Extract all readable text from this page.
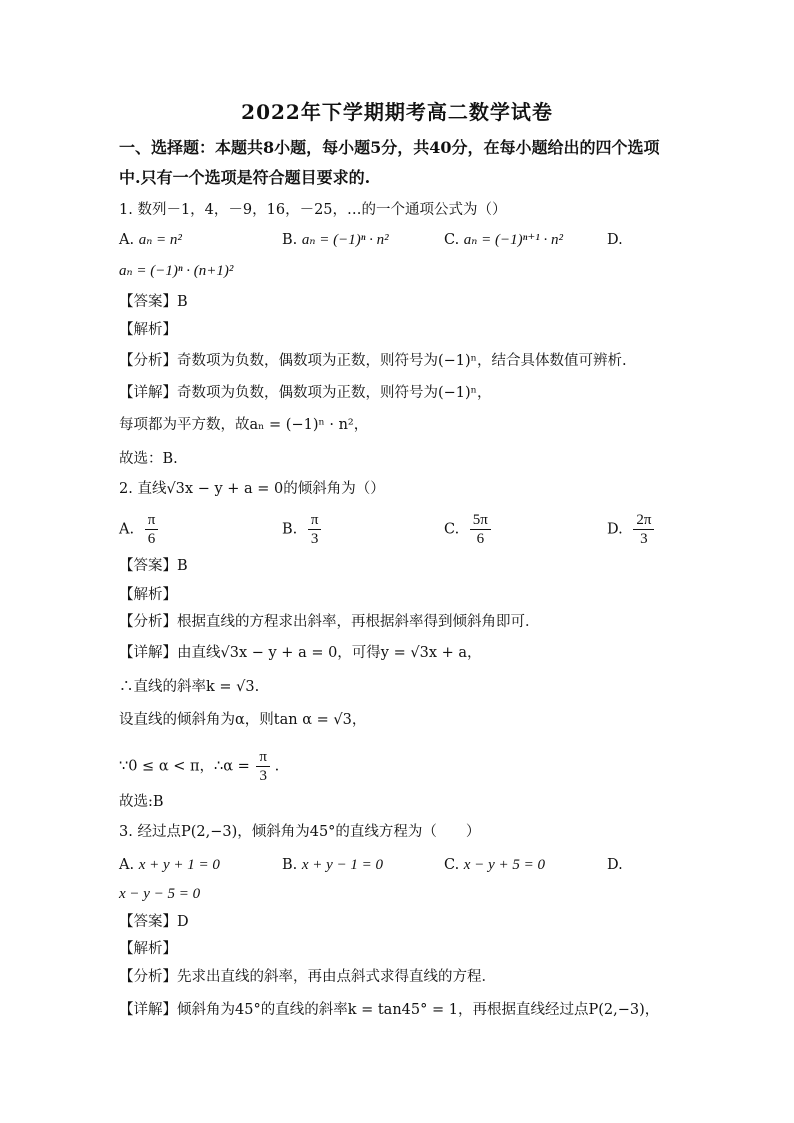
2022年下学期期考高二数学试卷
一、选择题：本题共8小题，每小题5分，共40分，在每小题给出的四个选项
中.只有一个选项是符合题目要求的.
1. 数列－1，4，－9，16，－25，…的一个通项公式为（）
A. aₙ = n²	B. aₙ = (−1)ⁿ · n²	C. aₙ = (−1)ⁿ⁺¹ · n²	D.
aₙ = (−1)ⁿ · (n+1)²
【答案】B
【解析】
【分析】奇数项为负数，偶数项为正数，则符号为(−1)ⁿ，结合具体数值可辨析.
【详解】奇数项为负数，偶数项为正数，则符号为(−1)ⁿ，
每项都为平方数，故aₙ = (−1)ⁿ · n²，
故选：B.
2. 直线√3x − y + a = 0的倾斜角为（）
A. $\frac{\pi}{6}$	B. $\frac{\pi}{3}$	C. $\frac{5\pi}{6}$	D. $\frac{2\pi}{3}$
【答案】B
【解析】
【分析】根据直线的方程求出斜率，再根据斜率得到倾斜角即可．
【详解】由直线√3x − y + a = 0，可得y = √3x + a，
∴直线的斜率k = √3.
设直线的倾斜角为α，则tan α = √3，
∵0 ≤ α < π，∴α = $\frac{\pi}{3}$ .
故选:B
3. 经过点P(2,−3)，倾斜角为45°的直线方程为（　　）
A. x + y + 1 = 0	B. x + y − 1 = 0	C. x − y + 5 = 0	D.
x − y − 5 = 0
【答案】D
【解析】
【分析】先求出直线的斜率，再由点斜式求得直线的方程．
【详解】倾斜角为45°的直线的斜率k = tan45° = 1，再根据直线经过点P(2,−3)，
